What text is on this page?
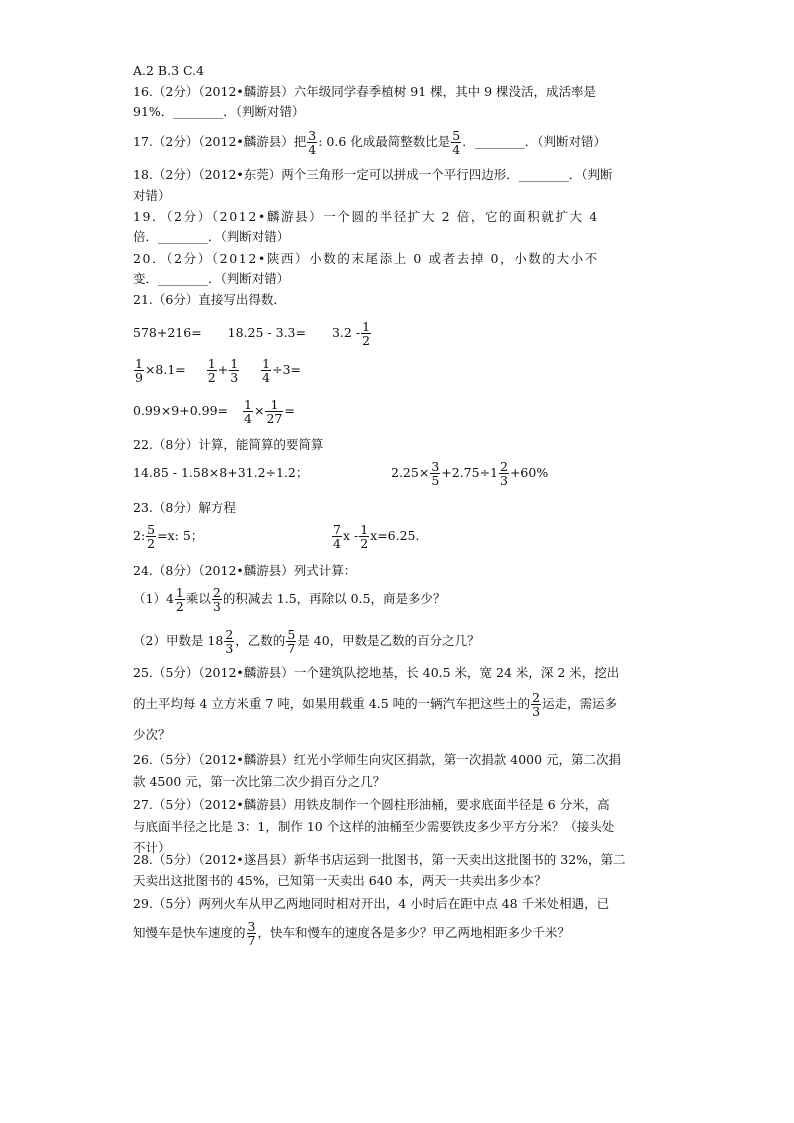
A.2 B.3 C.4
16.（2分）（2012•麟游县）六年级同学春季植树 91 棵，其中 9 棵没活，成活率是
91%．________．（判断对错）
17.（2分）（2012•麟游县）把 $\frac{3}{4}$ : 0.6 化成最简整数比是 $\frac{5}{4}$ ．________．（判断对错）
18.（2分）（2012•东莞）两个三角形一定可以拼成一个平行四边形．________．（判断
对错）
19．（2分）（2012•麟游县）一个圆的半径扩大 2 倍，它的面积就扩大 4
倍．________．（判断对错）
20．（2分）（2012•陕西）小数的末尾添上 0 或者去掉 0，小数的大小不
变．________．（判断对错）
21.（6分）直接写出得数．
$578+216= 18.25 - 3.3= 3.2 - \frac{1}{2}$
$\frac{1}{9} \times 8.1= \frac{1}{2} + \frac{1}{3} \frac{1}{4} \div 3=$
$0.99\times 9+0.99= \frac{1}{4} \times \frac{1}{27}$ =
22.（8分）计算，能简算的要简算
14.85 - 1.58×8+31.2÷1.2；	$2.25\times \frac{3}{5} +2.75\div 1 \frac{2}{3} +60\%$
23.（8分）解方程
2: $\frac{5}{2} =x$: 5；	$\frac{7}{4}$ $x - \frac{1}{2} x=6.25$．
24.（8分）（2012•麟游县）列式计算：
$(1)4 \frac{1}{2}$ 乘以 $\frac{2}{3}$ 的积减去 1.5，再除以 0.5，商是多少？
（2）甲数是 $18 \frac{2}{3}$ ，乙数的 $\frac{5}{7}$ 是 40，甲数是乙数的百分之几？
25.（5分）（2012•麟游县）一个建筑队挖地基，长 40.5 米，宽 24 米，深 2 米，挖出
的土平均每 4 立方米重 7 吨，如果用载重 4.5 吨的一辆汽车把这些土的 $\frac{2}{3}$ 运走，需运多
少次？
26.（5分）（2012•麟游县）红光小学师生向灾区捐款，第一次捐款 4000 元，第二次捐
款 4500 元，第一次比第二次少捐百分之几？
27.（5分）（2012•麟游县）用铁皮制作一个圆柱形油桶，要求底面半径是 6 分米，高
与底面半径之比是 3：1，制作 10 个这样的油桶至少需要铁皮多少平方分米？（接头处
不计）
28.（5分）（2012•遂昌县）新华书店运到一批图书，第一天卖出这批图书的 32%，第二
天卖出这批图书的 45%，已知第一天卖出 640 本，两天一共卖出多少本？
29.（5分）两列火车从甲乙两地同时相对开出，4 小时后在距中点 48 千米处相遇，已
知慢车是快车速度的 $\frac{3}{7}$ ，快车和慢车的速度各是多少？甲乙两地相距多少千米？
